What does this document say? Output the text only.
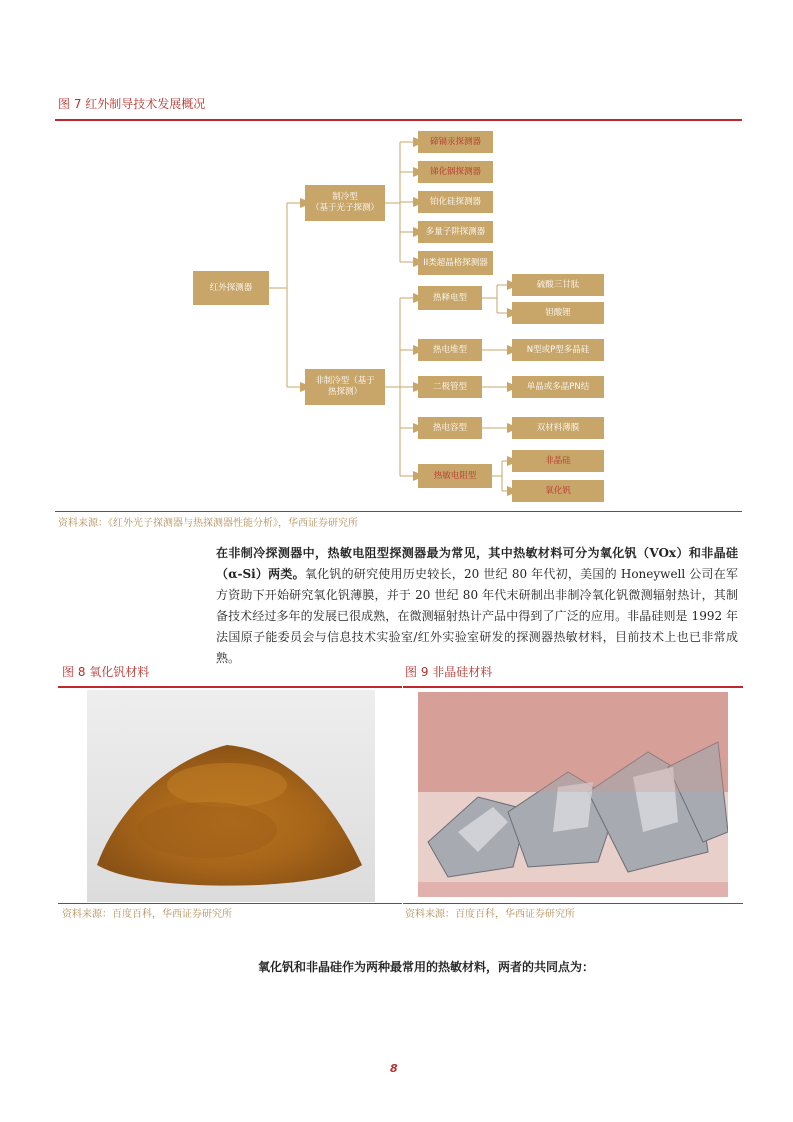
图 7 红外制导技术发展概况
红外探测器
制冷型
（基于光子探测）
非制冷型（基于
热探测）
碲镉汞探测器
锑化铟探测器
铂化硅探测器
多量子阱探测器
II类超晶格探测器
热释电型
热电堆型
二极管型
热电容型
热敏电阻型
硫酸三甘肽
钽酸锂
N型或P型多晶硅
单晶或多晶PN结
双材料薄膜
非晶硅
氧化钒
资料来源：《红外光子探测器与热探测器性能分析》，华西证券研究所
在非制冷探测器中，热敏电阻型探测器最为常见，其中热敏材料可分为氧化钒（VOx）和非晶硅（α-Si）两类。氧化钒的研究使用历史较长，20 世纪 80 年代初，美国的 Honeywell 公司在军方资助下开始研究氧化钒薄膜，并于 20 世纪 80 年代末研制出非制冷氧化钒微测辐射热计，其制备技术经过多年的发展已很成熟，在微测辐射热计产品中得到了广泛的应用。非晶硅则是 1992 年法国原子能委员会与信息技术实验室/红外实验室研发的探测器热敏材料，目前技术上也已非常成熟。
图 8 氧化钒材料
资料来源：百度百科，华西证券研究所
图 9 非晶硅材料
资料来源：百度百科，华西证券研究所
氧化钒和非晶硅作为两种最常用的热敏材料，两者的共同点为：
8
